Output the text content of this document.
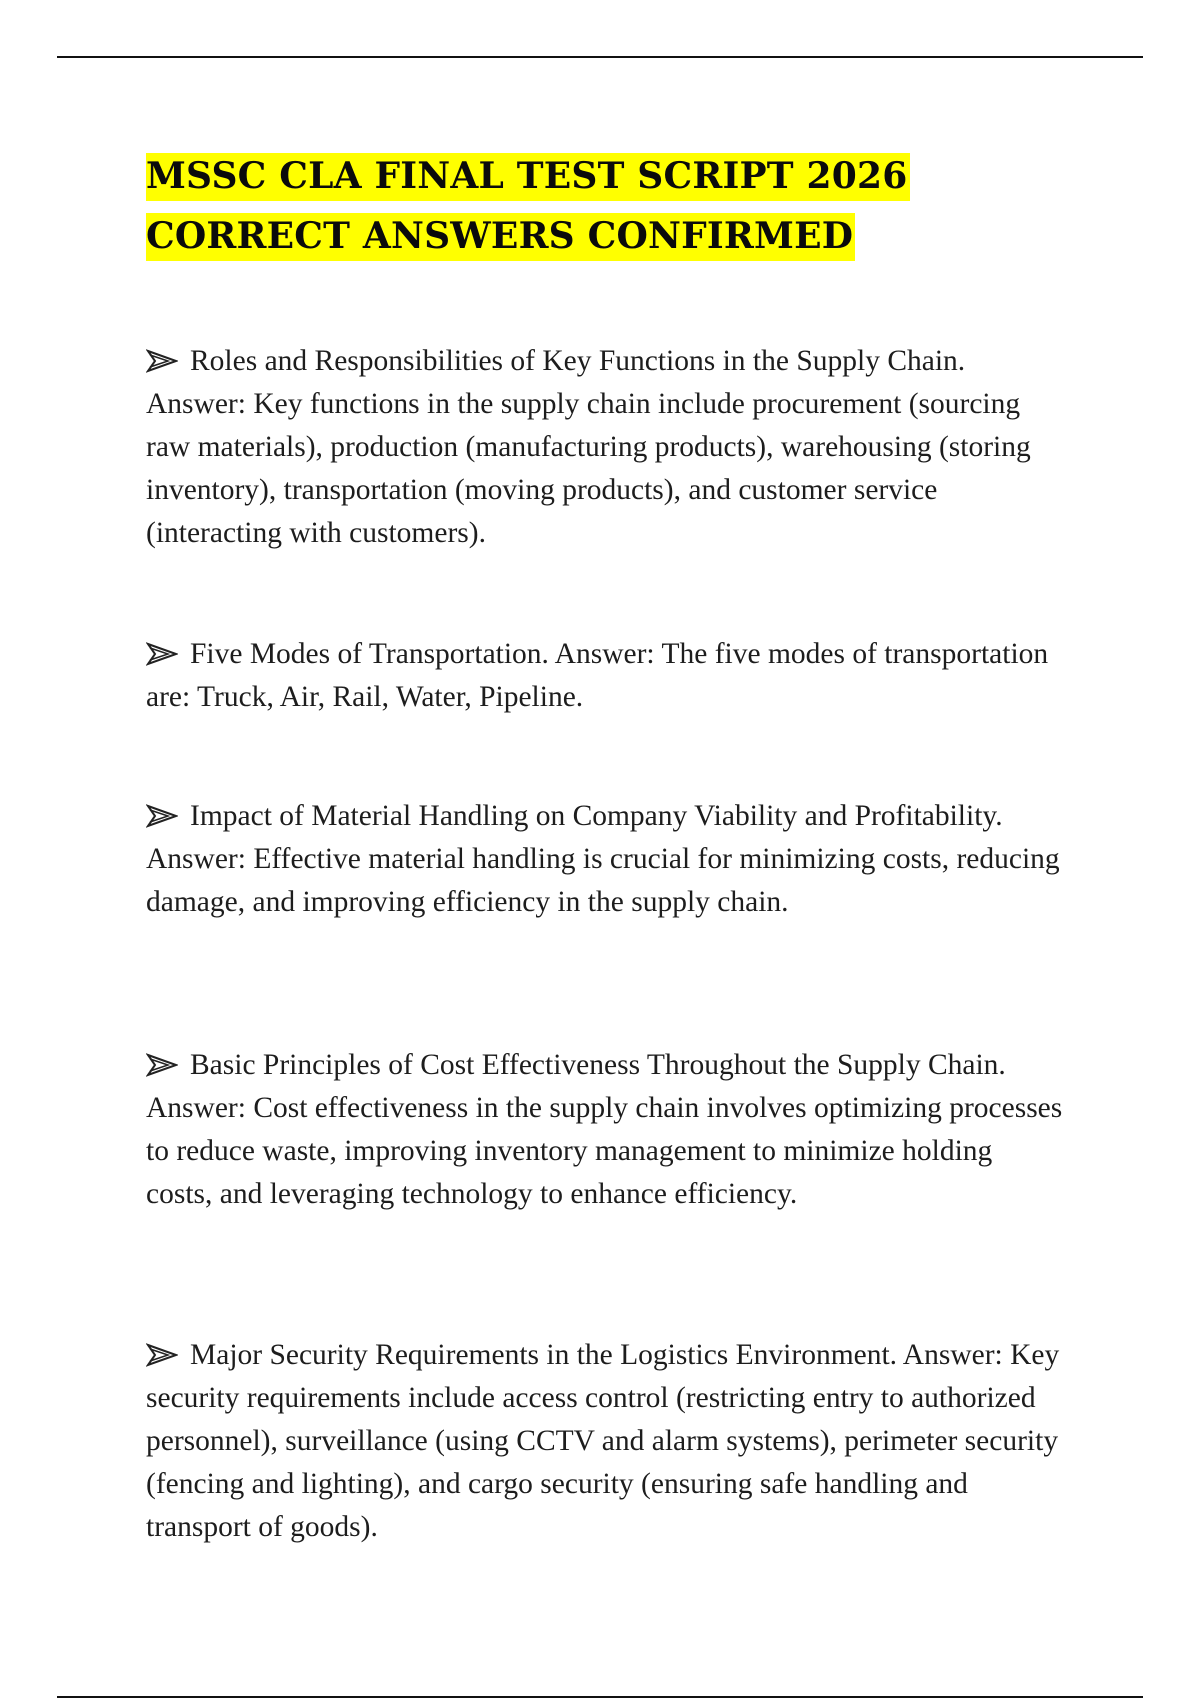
MSSC CLA FINAL TEST SCRIPT 2026
CORRECT ANSWERS CONFIRMED

Roles and Responsibilities of Key Functions in the Supply Chain. Answer: Key functions in the supply chain include procurement (sourcing raw materials), production (manufacturing products), warehousing (storing inventory), transportation (moving products), and customer service (interacting with customers).

Five Modes of Transportation. Answer: The five modes of transportation are: Truck, Air, Rail, Water, Pipeline.

Impact of Material Handling on Company Viability and Profitability. Answer: Effective material handling is crucial for minimizing costs, reducing damage, and improving efficiency in the supply chain.

Basic Principles of Cost Effectiveness Throughout the Supply Chain. Answer: Cost effectiveness in the supply chain involves optimizing processes to reduce waste, improving inventory management to minimize holding costs, and leveraging technology to enhance efficiency.

Major Security Requirements in the Logistics Environment. Answer: Key security requirements include access control (restricting entry to authorized personnel), surveillance (using CCTV and alarm systems), perimeter security (fencing and lighting), and cargo security (ensuring safe handling and transport of goods).
